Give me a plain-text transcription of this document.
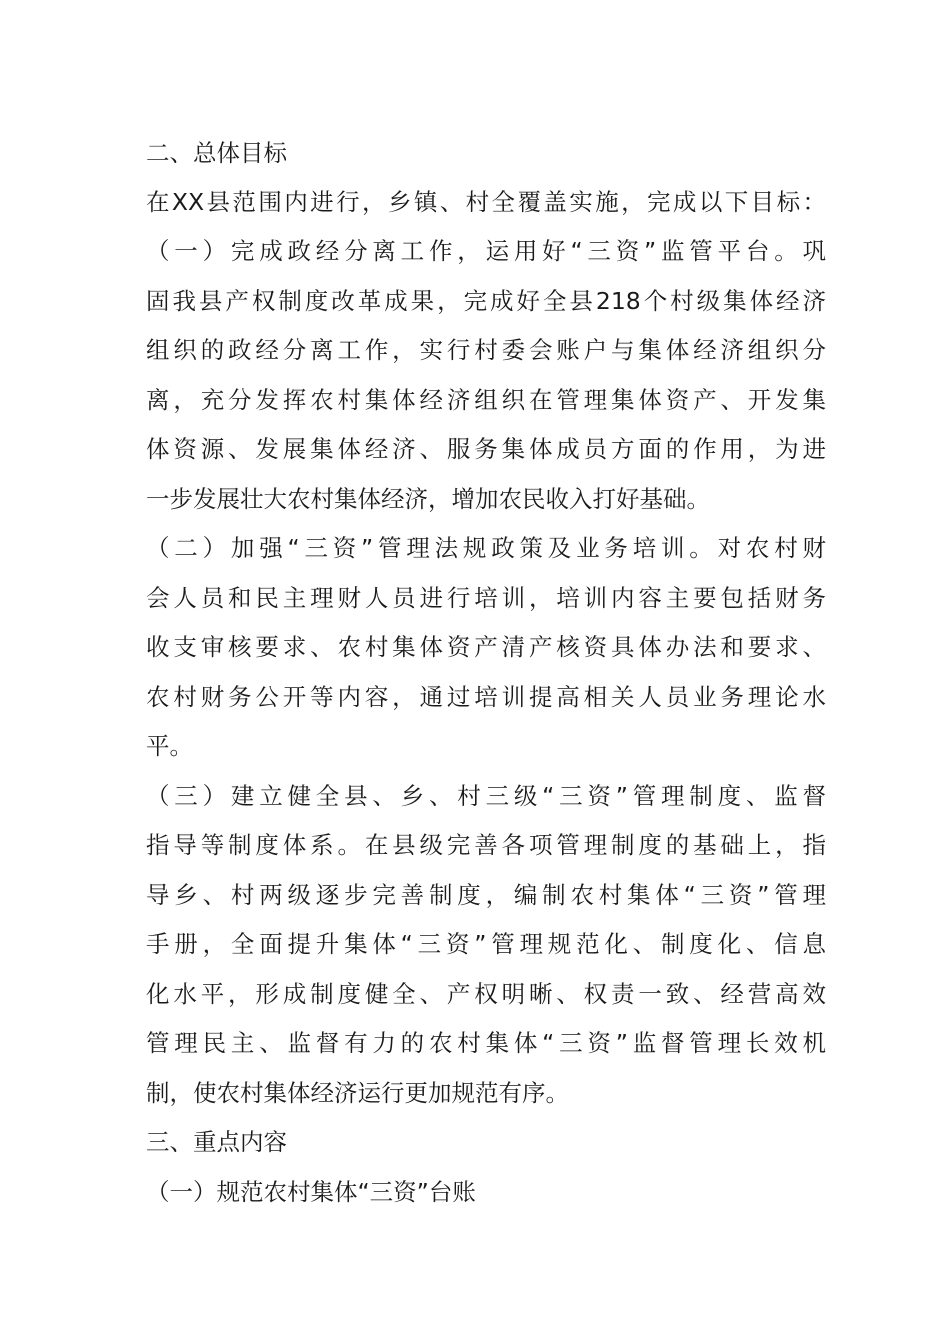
二、总体目标
在XX县范围内进行，乡镇、村全覆盖实施，完成以下目标：
（一）完成政经分离工作，运用好“三资”监管平台。巩
固我县产权制度改革成果，完成好全县218个村级集体经济
组织的政经分离工作，实行村委会账户与集体经济组织分
离，充分发挥农村集体经济组织在管理集体资产、开发集
体资源、发展集体经济、服务集体成员方面的作用，为进
一步发展壮大农村集体经济，增加农民收入打好基础。
（二）加强“三资”管理法规政策及业务培训。对农村财
会人员和民主理财人员进行培训，培训内容主要包括财务
收支审核要求、农村集体资产清产核资具体办法和要求、
农村财务公开等内容，通过培训提高相关人员业务理论水
平。
（三）建立健全县、乡、村三级“三资”管理制度、监督
指导等制度体系。在县级完善各项管理制度的基础上，指
导乡、村两级逐步完善制度，编制农村集体“三资”管理
手册，全面提升集体“三资”管理规范化、制度化、信息
化水平，形成制度健全、产权明晰、权责一致、经营高效
管理民主、监督有力的农村集体“三资”监督管理长效机
制，使农村集体经济运行更加规范有序。
三、重点内容
（一）规范农村集体“三资”台账
